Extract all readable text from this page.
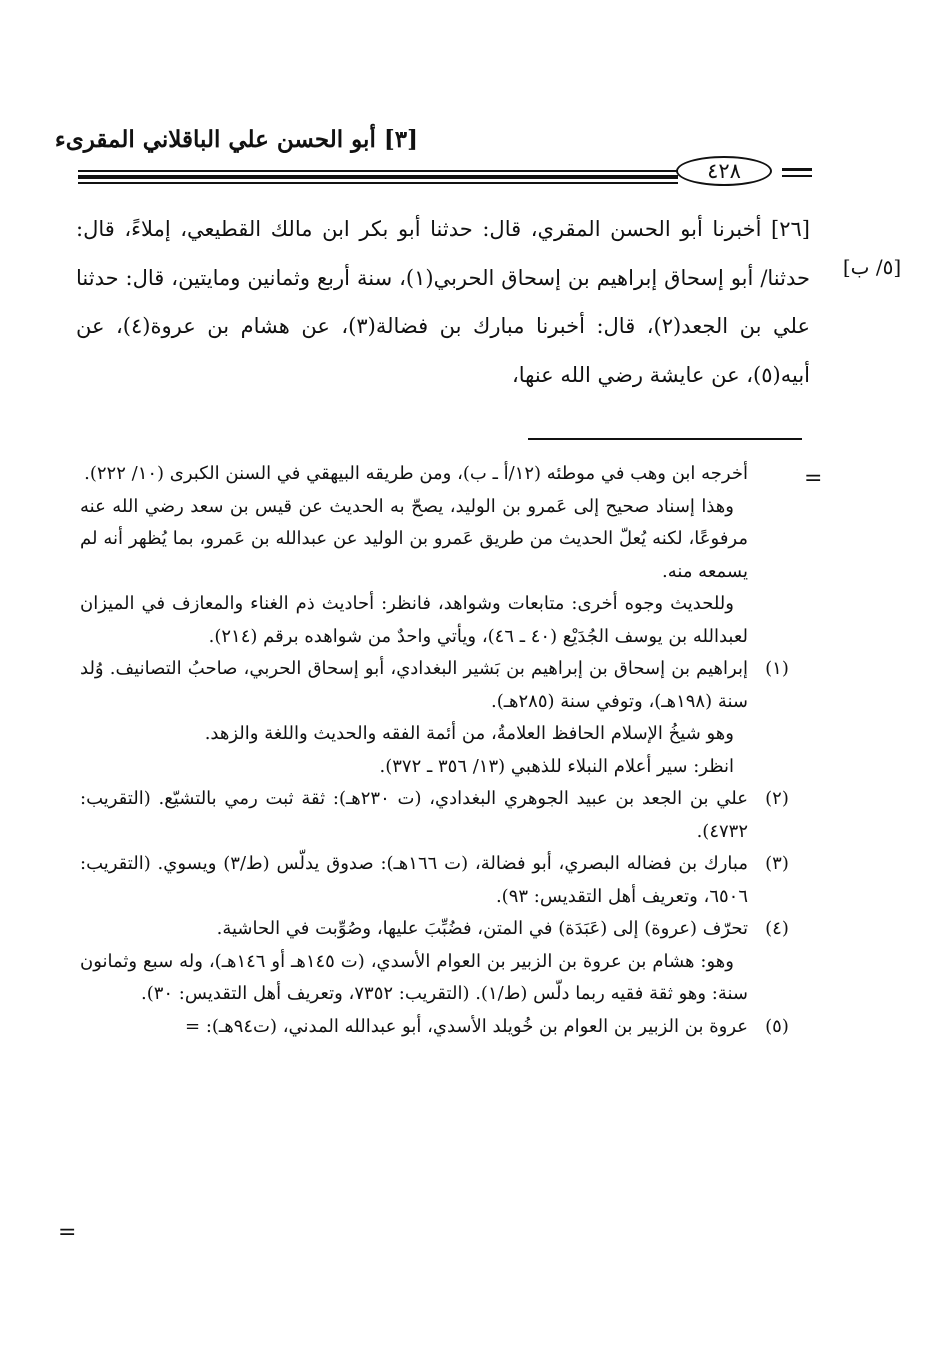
[٣] أبو الحسن علي الباقلاني المقرىء
٤٢٨
[٥/ ب]

[٢٦] أخبرنا أبو الحسن المقري، قال: حدثنا أبو بكر ابن مالك القطيعي، إملاءً، قال: حدثنا/ أبو إسحاق إبراهيم بن إسحاق الحربي(١)، سنة أربع وثمانين ومايتين، قال: حدثنا علي بن الجعد(٢)، قال: أخبرنا مبارك بن فضالة(٣)، عن هشام بن عروة(٤)، عن أبيه(٥)، عن عايشة رضي الله عنها،

=
=

أخرجه ابن وهب في موطئه (١٢/أ ـ ب)، ومن طريقه البيهقي في السنن الكبرى (١٠/ ٢٢٢).

وهذا إسناد صحيح إلى عَمرو بن الوليد، يصحّ به الحديث عن قيس بن سعد رضي الله عنه مرفوعًا، لكنه يُعلّ الحديث من طريق عَمرو بن الوليد عن عبدالله بن عَمرو، بما يُظهر أنه لم يسمعه منه.

وللحديث وجوه أخرى: متابعات وشواهد، فانظر: أحاديث ذم الغناء والمعازف في الميزان لعبدالله بن يوسف الجُدَيْع (٤٠ ـ ٤٦)، ويأتي واحدٌ من شواهده برقم (٢١٤).

(١)

إبراهيم بن إسحاق بن إبراهيم بن بَشير البغدادي، أبو إسحاق الحربي، صاحبُ التصانيف. وُلد سنة (١٩٨هـ)، وتوفي سنة (٢٨٥هـ).

وهو شيخُ الإسلام الحافظ العلامةُ، من أئمة الفقه والحديث واللغة والزهد.

انظر: سير أعلام النبلاء للذهبي (١٣/ ٣٥٦ ـ ٣٧٢).

(٢)

علي بن الجعد بن عبيد الجوهري البغدادي، (ت ٢٣٠هـ): ثقة ثبت رمي بالتشيّع. (التقريب: ٤٧٣٢).

(٣)

مبارك بن فضاله البصري، أبو فضالة، (ت ١٦٦هـ): صدوق يدلّس (ط/٣) ويسوي. (التقريب: ٦٥٠٦، وتعريف أهل التقديس: ٩٣).

(٤)

تحرّف (عروة) إلى (عَبَدَة) في المتن، فضُبِّبَ عليها، وصُوِّبت في الحاشية.

وهو: هشام بن عروة بن الزبير بن العوام الأسدي، (ت ١٤٥هـ أو ١٤٦هـ)، وله سبع وثمانون سنة: وهو ثقة فقيه ربما دلّس (ط/١). (التقريب: ٧٣٥٢، وتعريف أهل التقديس: ٣٠).

(٥)

عروة بن الزبير بن العوام بن خُويلد الأسدي، أبو عبدالله المدني، (ت٩٤هـ): =
